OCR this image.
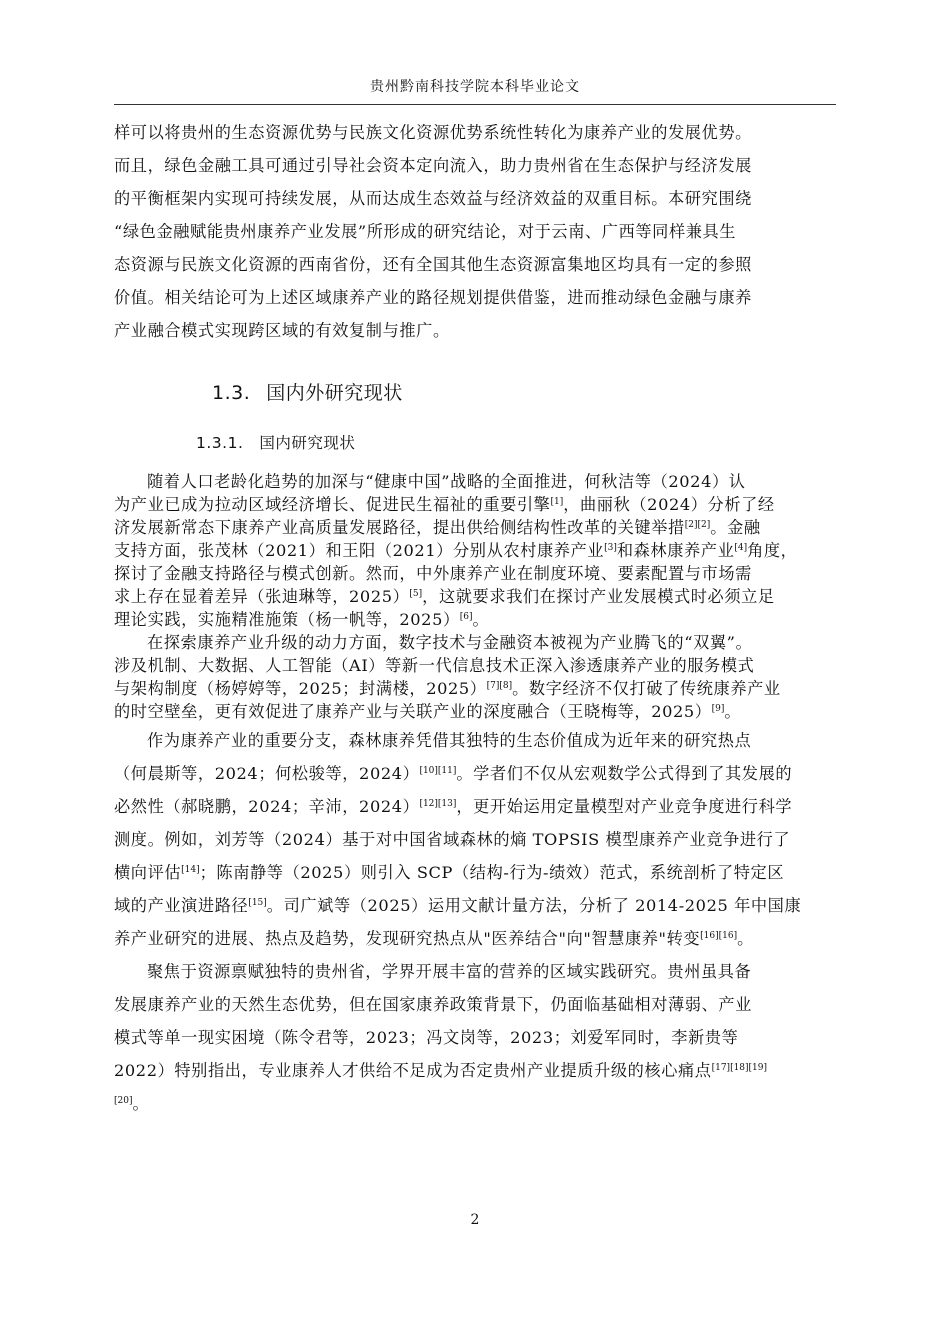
贵州黔南科技学院本科毕业论文
样可以将贵州的生态资源优势与民族文化资源优势系统性转化为康养产业的发展优势。
而且，绿色金融工具可通过引导社会资本定向流入，助力贵州省在生态保护与经济发展
的平衡框架内实现可持续发展，从而达成生态效益与经济效益的双重目标。本研究围绕
“绿色金融赋能贵州康养产业发展”所形成的研究结论，对于云南、广西等同样兼具生
态资源与民族文化资源的西南省份，还有全国其他生态资源富集地区均具有一定的参照
价值。相关结论可为上述区域康养产业的路径规划提供借鉴，进而推动绿色金融与康养
产业融合模式实现跨区域的有效复制与推广。
1.3. 国内外研究现状
1.3.1. 国内研究现状
随着人口老龄化趋势的加深与“健康中国”战略的全面推进，何秋洁等（2024）认
为产业已成为拉动区域经济增长、促进民生福祉的重要引擎[1]，曲丽秋（2024）分析了经
济发展新常态下康养产业高质量发展路径，提出供给侧结构性改革的关键举措[2][2]。金融
支持方面，张茂林（2021）和王阳（2021）分别从农村康养产业[3]和森林康养产业[4]角度，
探讨了金融支持路径与模式创新。然而，中外康养产业在制度环境、要素配置与市场需
求上存在显着差异（张迪琳等，2025）[5]，这就要求我们在探讨产业发展模式时必须立足
理论实践，实施精准施策（杨一帆等，2025）[6]。
在探索康养产业升级的动力方面，数字技术与金融资本被视为产业腾飞的“双翼”。
涉及机制、大数据、人工智能（AI）等新一代信息技术正深入渗透康养产业的服务模式
与架构制度（杨婷婷等，2025；封满楼，2025）[7][8]。数字经济不仅打破了传统康养产业
的时空壁垒，更有效促进了康养产业与关联产业的深度融合（王晓梅等，2025）[9]。
作为康养产业的重要分支，森林康养凭借其独特的生态价值成为近年来的研究热点
（何晨斯等，2024；何松骏等，2024）[10][11]。学者们不仅从宏观数学公式得到了其发展的
必然性（郝晓鹏，2024；辛沛，2024）[12][13]，更开始运用定量模型对产业竞争度进行科学
测度。例如，刘芳等（2024）基于对中国省域森林的熵 TOPSIS 模型康养产业竞争进行了
横向评估[14]；陈南静等（2025）则引入 SCP（结构-行为-绩效）范式，系统剖析了特定区
域的产业演进路径[15]。司广斌等（2025）运用文献计量方法，分析了 2014-2025 年中国康
养产业研究的进展、热点及趋势，发现研究热点从"医养结合"向"智慧康养"转变[16][16]。
聚焦于资源禀赋独特的贵州省，学界开展丰富的营养的区域实践研究。贵州虽具备
发展康养产业的天然生态优势，但在国家康养政策背景下，仍面临基础相对薄弱、产业
模式等单一现实困境（陈令君等，2023；冯文岗等，2023；刘爱军同时，李新贵等
2022）特别指出，专业康养人才供给不足成为否定贵州产业提质升级的核心痛点[17][18][19]
[20]。
2
